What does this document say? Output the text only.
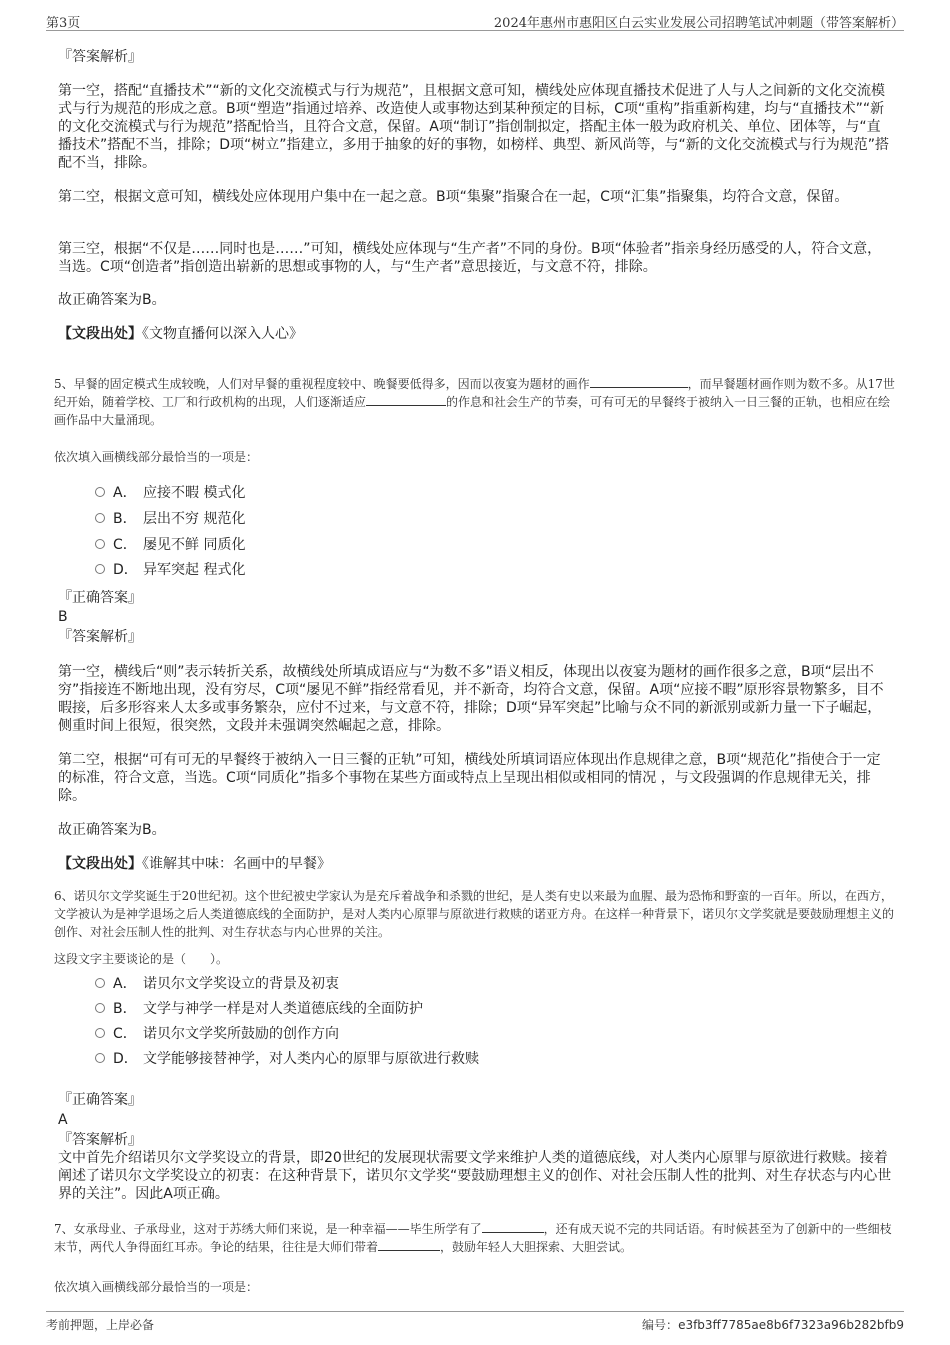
第3页	2024年惠州市惠阳区白云实业发展公司招聘笔试冲刺题（带答案解析）
『答案解析』

第一空，搭配“直播技术”“新的文化交流模式与行为规范”，且根据文意可知，横线处应体现直播技术促进了人与人之间新的文化交流模式与行为规范的形成之意。B项“塑造”指通过培养、改造使人或事物达到某种预定的目标，C项“重构”指重新构建，均与“直播技术”“新的文化交流模式与行为规范”搭配恰当，且符合文意，保留。A项“制订”指创制拟定，搭配主体一般为政府机关、单位、团体等，与“直播技术”搭配不当，排除；D项“树立”指建立，多用于抽象的好的事物，如榜样、典型、新风尚等，与“新的文化交流模式与行为规范”搭配不当，排除。

第二空，根据文意可知，横线处应体现用户集中在一起之意。B项“集聚”指聚合在一起，C项“汇集”指聚集，均符合文意，保留。

第三空，根据“不仅是……同时也是……”可知，横线处应体现与“生产者”不同的身份。B项“体验者”指亲身经历感受的人，符合文意，当选。C项“创造者”指创造出崭新的思想或事物的人，与“生产者”意思接近，与文意不符，排除。

故正确答案为B。

【文段出处】《文物直播何以深入人心》

5、早餐的固定模式生成较晚，人们对早餐的重视程度较中、晚餐要低得多，因而以夜宴为题材的画作	，而早餐题材画作则为数不多。从17世纪开始，随着学校、工厂和行政机构的出现，人们逐渐适应	的作息和社会生产的节奏，可有可无的早餐终于被纳入一日三餐的正轨，也相应在绘画作品中大量涌现。

依次填入画横线部分最恰当的一项是：
A． 应接不暇 模式化
B． 层出不穷 规范化
C． 屡见不鲜 同质化
D． 异军突起 程式化
『正确答案』
B
『答案解析』

第一空，横线后“则”表示转折关系，故横线处所填成语应与“为数不多”语义相反，体现出以夜宴为题材的画作很多之意，B项“层出不穷”指接连不断地出现，没有穷尽，C项“屡见不鲜”指经常看见，并不新奇，均符合文意，保留。A项“应接不暇”原形容景物繁多，目不暇接，后多形容来人太多或事务繁杂，应付不过来，与文意不符，排除；D项“异军突起”比喻与众不同的新派别或新力量一下子崛起，侧重时间上很短，很突然，文段并未强调突然崛起之意，排除。

第二空，根据“可有可无的早餐终于被纳入一日三餐的正轨”可知，横线处所填词语应体现出作息规律之意，B项“规范化”指使合于一定的标准，符合文意，当选。C项“同质化”指多个事物在某些方面或特点上呈现出相似或相同的情况 ，与文段强调的作息规律无关，排除。

故正确答案为B。

【文段出处】《谁解其中味：名画中的早餐》

6、诺贝尔文学奖诞生于20世纪初。这个世纪被史学家认为是充斥着战争和杀戮的世纪，是人类有史以来最为血腥、最为恐怖和野蛮的一百年。所以，在西方，文学被认为是神学退场之后人类道德底线的全面防护，是对人类内心原罪与原欲进行救赎的诺亚方舟。在这样一种背景下，诺贝尔文学奖就是要鼓励理想主义的创作、对社会压制人性的批判、对生存状态与内心世界的关注。

这段文字主要谈论的是（　　）。
A． 诺贝尔文学奖设立的背景及初衷
B． 文学与神学一样是对人类道德底线的全面防护
C． 诺贝尔文学奖所鼓励的创作方向
D． 文学能够接替神学，对人类内心的原罪与原欲进行救赎
『正确答案』
A
『答案解析』

文中首先介绍诺贝尔文学奖设立的背景，即20世纪的发展现状需要文学来维护人类的道德底线，对人类内心原罪与原欲进行救赎。接着阐述了诺贝尔文学奖设立的初衷：在这种背景下，诺贝尔文学奖“要鼓励理想主义的创作、对社会压制人性的批判、对生存状态与内心世界的关注”。因此A项正确。

7、女承母业、子承母业，这对于苏绣大师们来说，是一种幸福——毕生所学有了	，还有成天说不完的共同话语。有时候甚至为了创新中的一些细枝末节，两代人争得面红耳赤。争论的结果，往往是大师们带着	，鼓励年轻人大胆探索、大胆尝试。

依次填入画横线部分最恰当的一项是：
考前押题，上岸必备	编号：e3fb3ff7785ae8b6f7323a96b282bfb9
